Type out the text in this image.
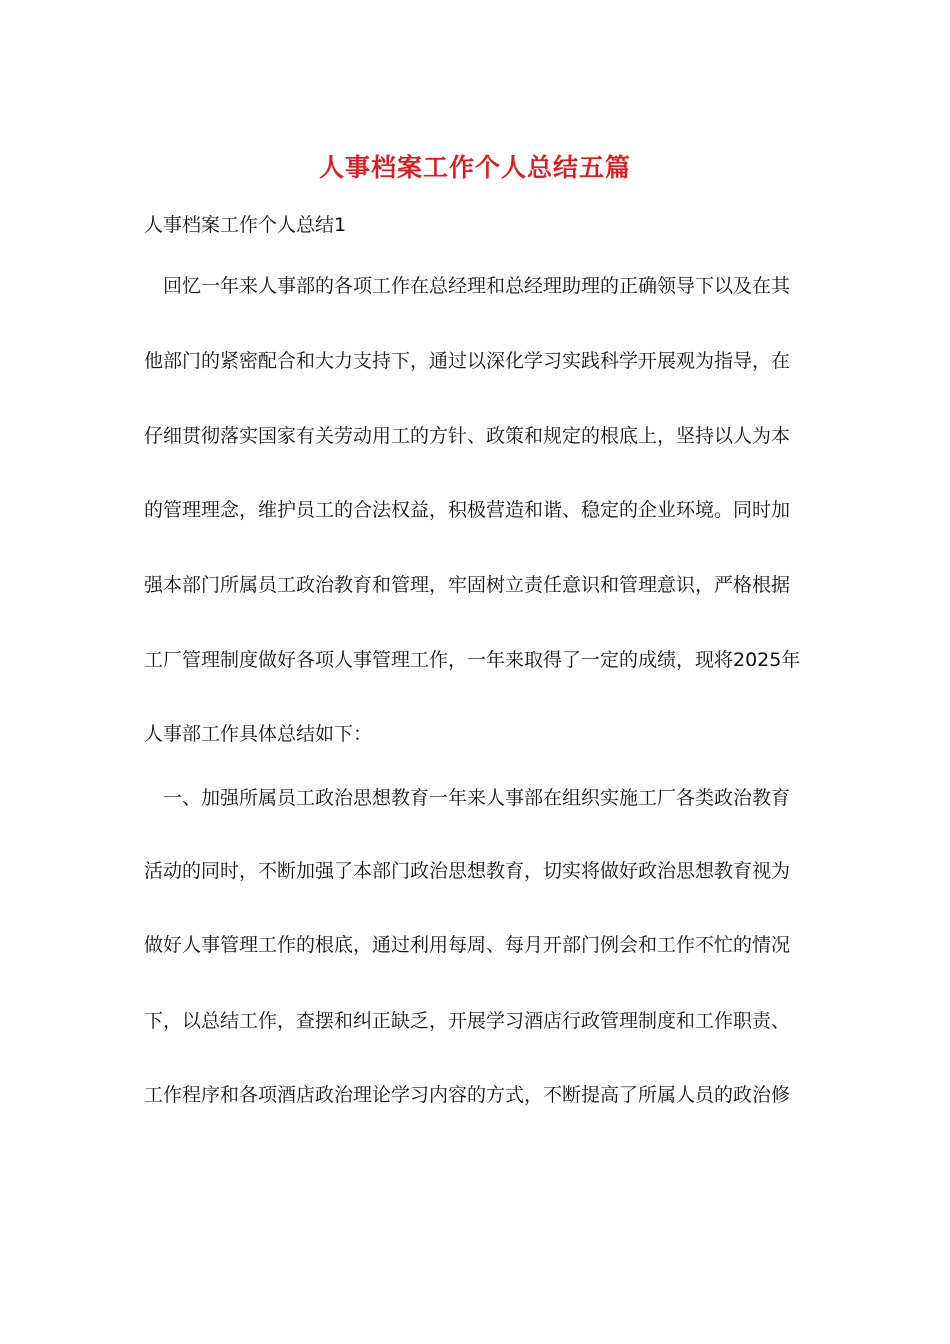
人事档案工作个人总结五篇
人事档案工作个人总结1
　回忆一年来人事部的各项工作在总经理和总经理助理的正确领导下以及在其
他部门的紧密配合和大力支持下，通过以深化学习实践科学开展观为指导，在
仔细贯彻落实国家有关劳动用工的方针、政策和规定的根底上，坚持以人为本
的管理理念，维护员工的合法权益，积极营造和谐、稳定的企业环境。同时加
强本部门所属员工政治教育和管理，牢固树立责任意识和管理意识，严格根据
工厂管理制度做好各项人事管理工作，一年来取得了一定的成绩，现将2025年
人事部工作具体总结如下：
　一、加强所属员工政治思想教育一年来人事部在组织实施工厂各类政治教育
活动的同时，不断加强了本部门政治思想教育，切实将做好政治思想教育视为
做好人事管理工作的根底，通过利用每周、每月开部门例会和工作不忙的情况
下，以总结工作，查摆和纠正缺乏，开展学习酒店行政管理制度和工作职责、
工作程序和各项酒店政治理论学习内容的方式，不断提高了所属人员的政治修
